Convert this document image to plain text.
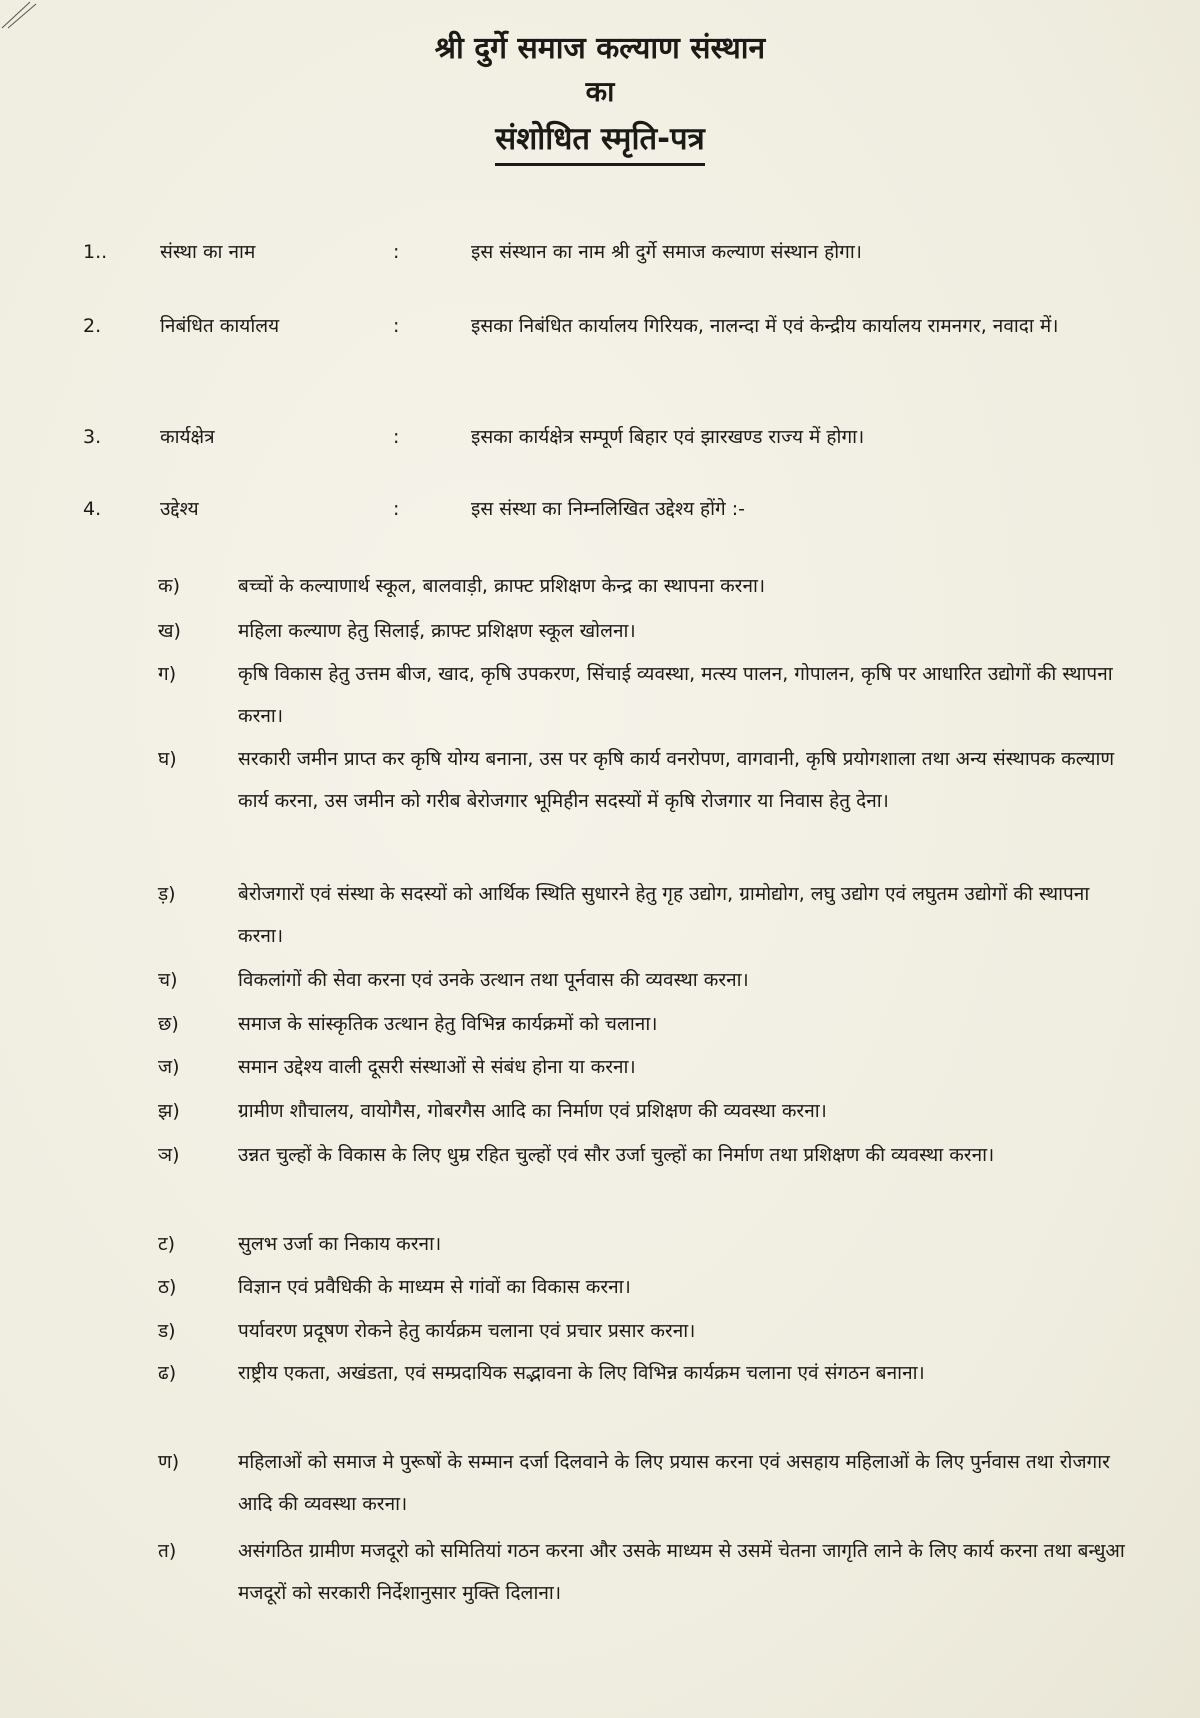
श्री दुर्गे समाज कल्याण संस्थान

का

संशोधित स्मृति-पत्र

1..	संस्था का नाम	:	इस संस्थान का नाम श्री दुर्गे समाज कल्याण संस्थान होगा।
2.	निबंधित कार्यालय	:	इसका निबंधित कार्यालय गिरियक, नालन्दा में एवं केन्द्रीय कार्यालय रामनगर, नवादा में।
3.	कार्यक्षेत्र	:	इसका कार्यक्षेत्र सम्पूर्ण बिहार एवं झारखण्ड राज्य में होगा।
4.	उद्देश्य	:	इस संस्था का निम्नलिखित उद्देश्य होंगे :-
क)	बच्चों के कल्याणार्थ स्कूल, बालवाड़ी, क्राफ्ट प्रशिक्षण केन्द्र का स्थापना करना।
ख)	महिला कल्याण हेतु सिलाई, क्राफ्ट प्रशिक्षण स्कूल खोलना।
ग)	कृषि विकास हेतु उत्तम बीज, खाद, कृषि उपकरण, सिंचाई व्यवस्था, मत्स्य पालन, गोपालन, कृषि पर आधारित उद्योगों की स्थापना करना।
घ)	सरकारी जमीन प्राप्त कर कृषि योग्य बनाना, उस पर कृषि कार्य वनरोपण, वागवानी, कृषि प्रयोगशाला तथा अन्य संस्थापक कल्याण कार्य करना, उस जमीन को गरीब बेरोजगार भूमिहीन सदस्यों में कृषि रोजगार या निवास हेतु देना।
ड़)	बेरोजगारों एवं संस्था के सदस्यों को आर्थिक स्थिति सुधारने हेतु गृह उद्योग, ग्रामोद्योग, लघु उद्योग एवं लघुतम उद्योगों की स्थापना करना।
च)	विकलांगों की सेवा करना एवं उनके उत्थान तथा पूर्नवास की व्यवस्था करना।
छ)	समाज के सांस्कृतिक उत्थान हेतु विभिन्न कार्यक्रमों को चलाना।
ज)	समान उद्देश्य वाली दूसरी संस्थाओं से संबंध होना या करना।
झ)	ग्रामीण शौचालय, वायोगैस, गोबरगैस आदि का निर्माण एवं प्रशिक्षण की व्यवस्था करना।
ञ)	उन्नत चुल्हों के विकास के लिए धुम्र रहित चुल्हों एवं सौर उर्जा चुल्हों का निर्माण तथा प्रशिक्षण की व्यवस्था करना।
ट)	सुलभ उर्जा का निकाय करना।
ठ)	विज्ञान एवं प्रवैधिकी के माध्यम से गांवों का विकास करना।
ड)	पर्यावरण प्रदूषण रोकने हेतु कार्यक्रम चलाना एवं प्रचार प्रसार करना।
ढ)	राष्ट्रीय एकता, अखंडता, एवं सम्प्रदायिक सद्भावना के लिए विभिन्न कार्यक्रम चलाना एवं संगठन बनाना।
ण)	महिलाओं को समाज मे पुरूषों के सम्मान दर्जा दिलवाने के लिए प्रयास करना एवं असहाय महिलाओं के लिए पुर्नवास तथा रोजगार आदि की व्यवस्था करना।
त)	असंगठित ग्रामीण मजदूरो को समितियां गठन करना और उसके माध्यम से उसमें चेतना जागृति लाने के लिए कार्य करना तथा बन्धुआ मजदूरों को सरकारी निर्देशानुसार मुक्ति दिलाना।
